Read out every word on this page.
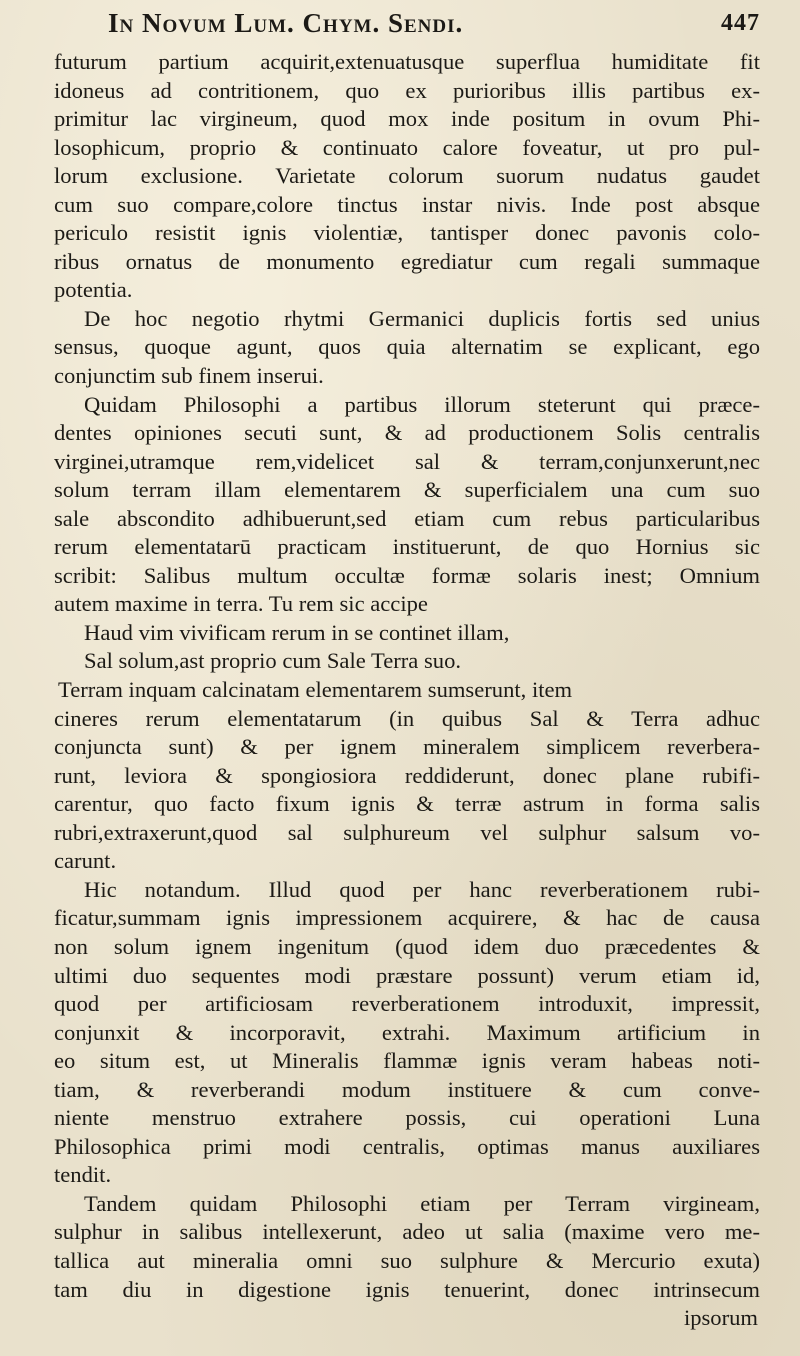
In Novum Lum. Chym. Sendi.	447
futurum partium acquirit,extenuatusque superflua humiditate fit
idoneus ad contritionem, quo ex purioribus illis partibus ex-
primitur lac virgineum, quod mox inde positum in ovum Phi-
losophicum, proprio & continuato calore foveatur, ut pro pul-
lorum exclusione. Varietate colorum suorum nudatus gaudet
cum suo compare,colore tinctus instar nivis. Inde post absque
periculo resistit ignis violentiæ, tantisper donec pavonis colo-
ribus ornatus de monumento egrediatur cum regali summaque
potentia.
De hoc negotio rhytmi Germanici duplicis fortis sed unius
sensus, quoque agunt, quos quia alternatim se explicant, ego
conjunctim sub finem inserui.
Quidam Philosophi a partibus illorum steterunt qui præce-
dentes opiniones secuti sunt, & ad productionem Solis centralis
virginei,utramque rem,videlicet sal & terram,conjunxerunt,nec
solum terram illam elementarem & superficialem una cum suo
sale abscondito adhibuerunt,sed etiam cum rebus particularibus
rerum elementatarū practicam instituerunt, de quo Hornius sic
scribit: Salibus multum occultæ formæ solaris inest; Omnium
autem maxime in terra. Tu rem sic accipe
Haud vim vivificam rerum in se continet illam,
Sal solum,ast proprio cum Sale Terra suo.
Terram inquam calcinatam elementarem sumserunt, item
cineres rerum elementatarum (in quibus Sal & Terra adhuc
conjuncta sunt) & per ignem mineralem simplicem reverbera-
runt, leviora & spongiosiora reddiderunt, donec plane rubifi-
carentur, quo facto fixum ignis & terræ astrum in forma salis
rubri,extraxerunt,quod sal sulphureum vel sulphur salsum vo-
carunt.
Hic notandum. Illud quod per hanc reverberationem rubi-
ficatur,summam ignis impressionem acquirere, & hac de causa
non solum ignem ingenitum (quod idem duo præcedentes &
ultimi duo sequentes modi præstare possunt) verum etiam id,
quod per artificiosam reverberationem introduxit, impressit,
conjunxit & incorporavit, extrahi. Maximum artificium in
eo situm est, ut Mineralis flammæ ignis veram habeas noti-
tiam, & reverberandi modum instituere & cum conve-
niente menstruo extrahere possis, cui operationi Luna
Philosophica primi modi centralis, optimas manus auxiliares
tendit.
Tandem quidam Philosophi etiam per Terram virgineam,
sulphur in salibus intellexerunt, adeo ut salia (maxime vero me-
tallica aut mineralia omni suo sulphure & Mercurio exuta)
tam diu in digestione ignis tenuerint, donec intrinsecum
ipsorum
